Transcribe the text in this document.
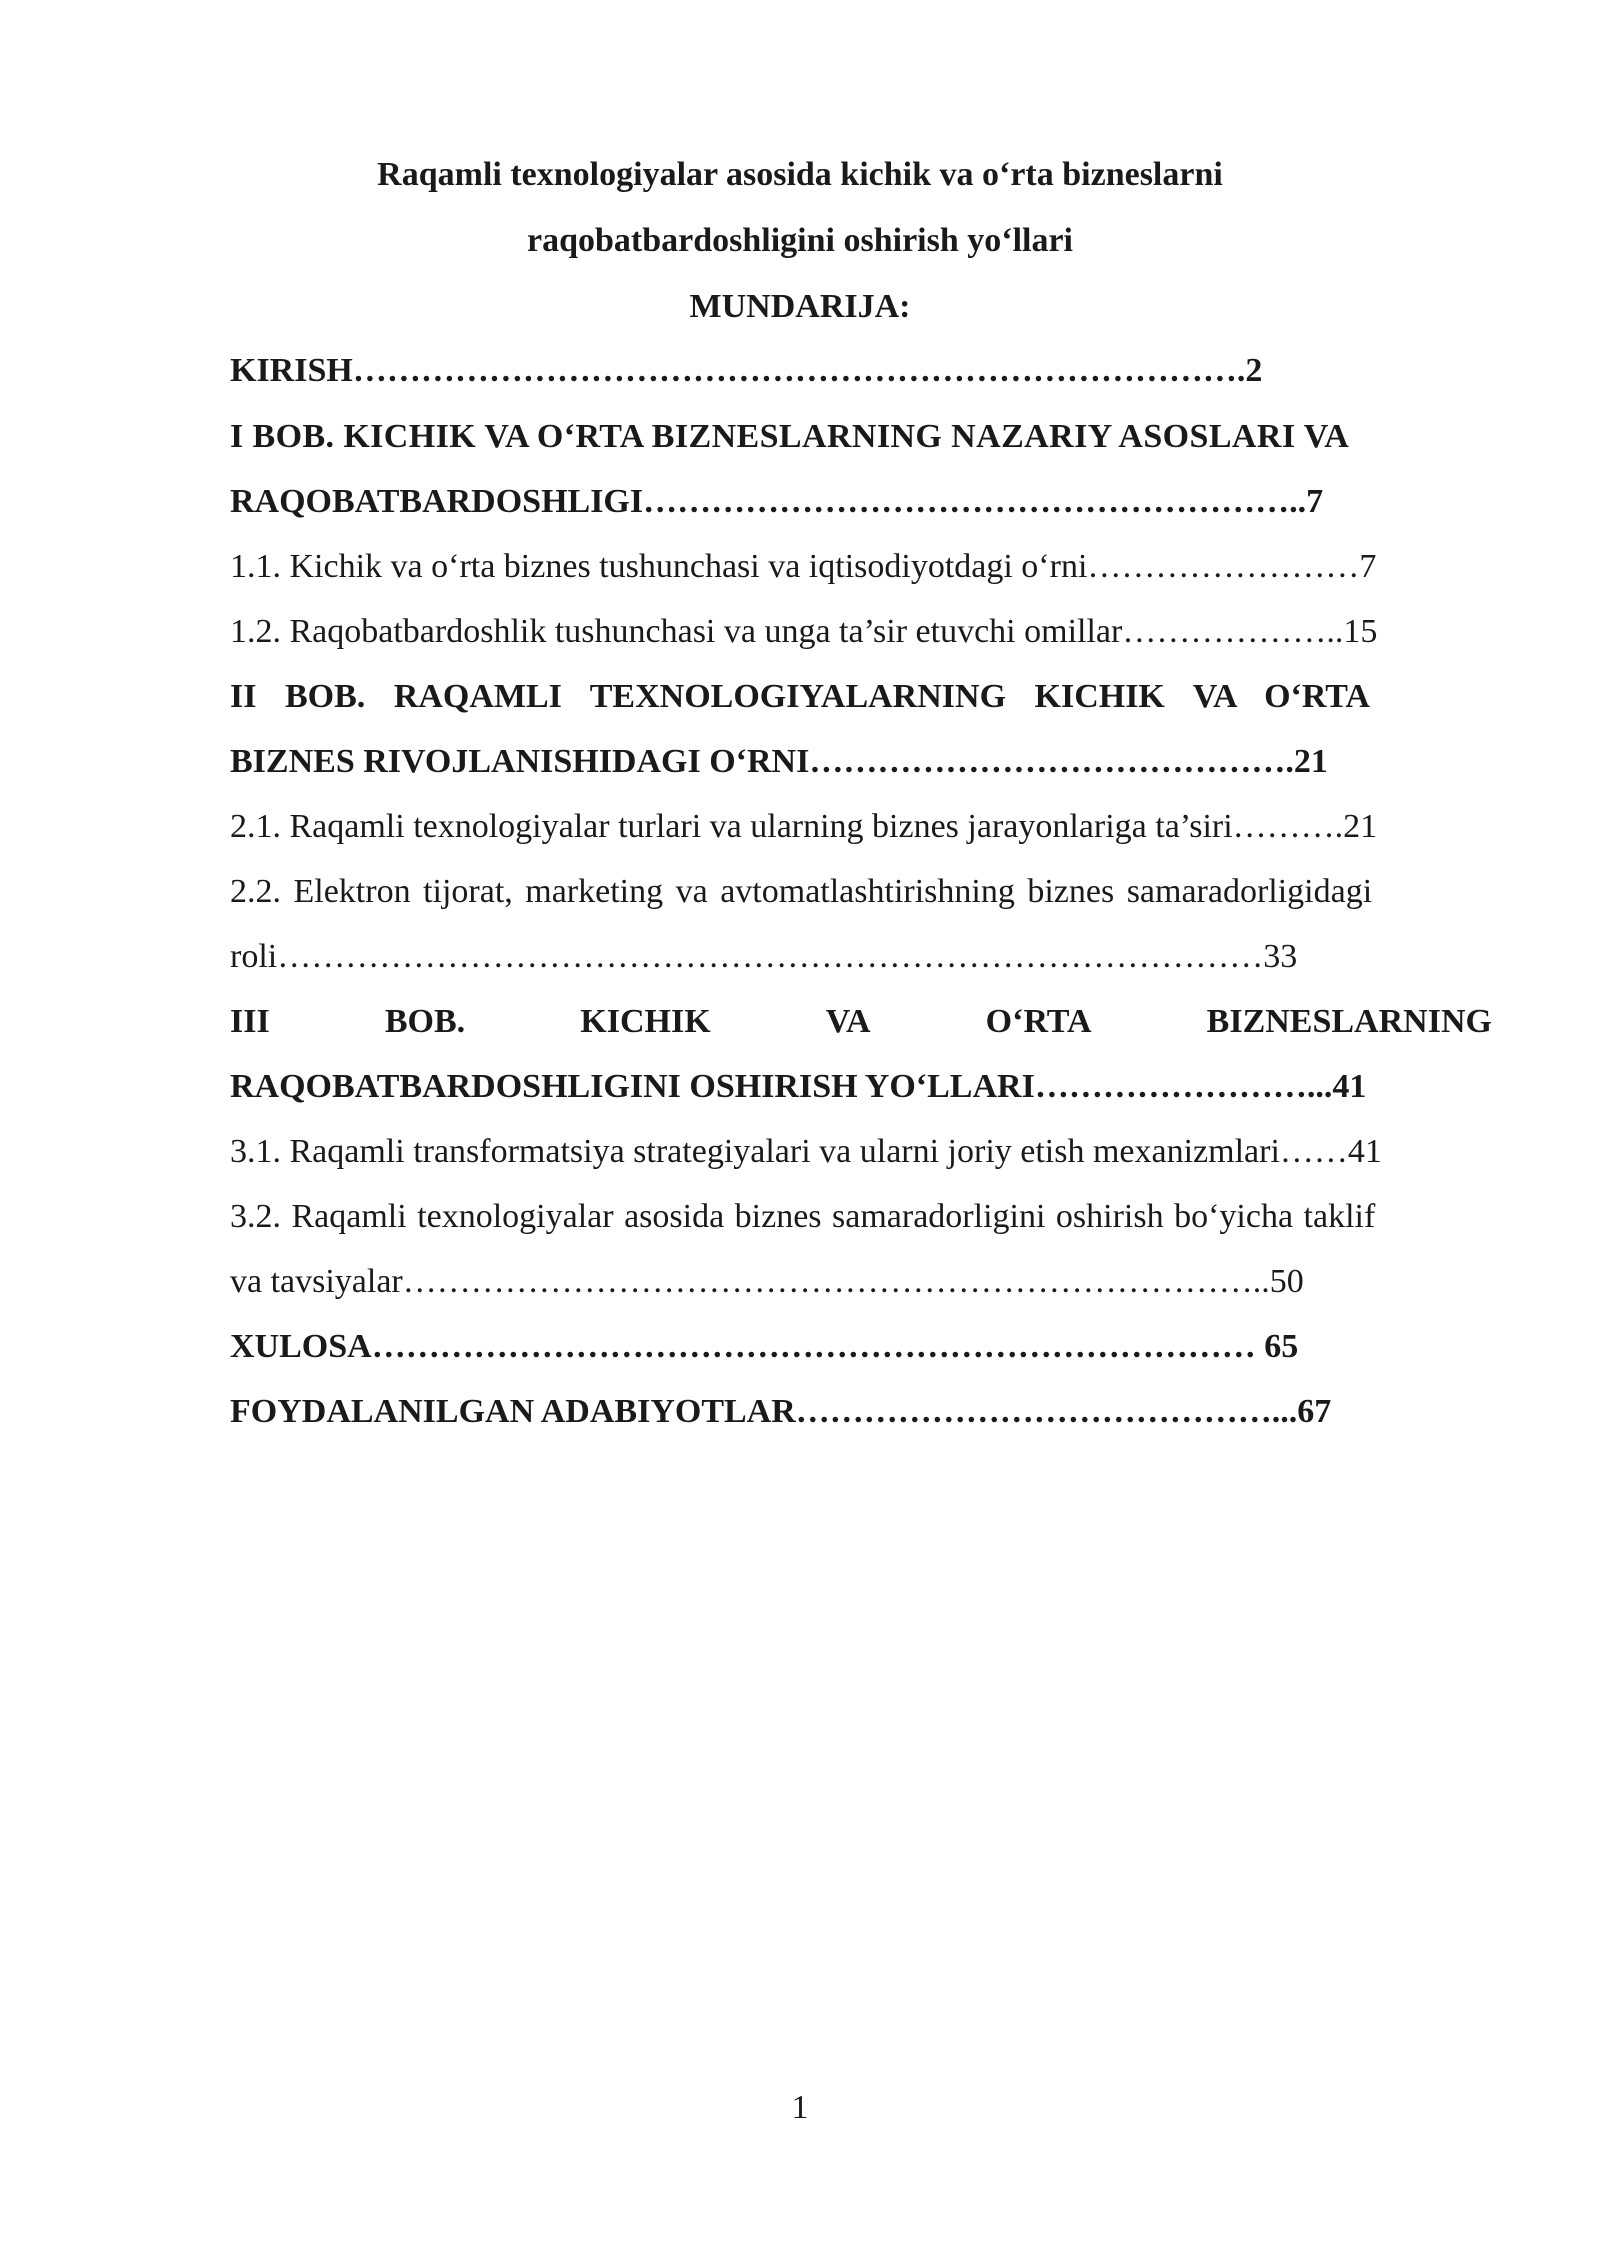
Raqamli texnologiyalar asosida kichik va o‘rta bizneslarni
raqobatbardoshligini oshirish yo‘llari
MUNDARIJA:
KIRISH…………………………………………………………………….2
I BOB. KICHIK VA O‘RTA BIZNESLARNING NAZARIY ASOSLARI VA
RAQOBATBARDOSHLIGI…………………………………………………..7
1.1. Kichik va o‘rta biznes tushunchasi va iqtisodiyotdagi o‘rni……………………7
1.2. Raqobatbardoshlik tushunchasi va unga ta’sir etuvchi omillar………………..15
II BOB. RAQAMLI TEXNOLOGIYALARNING KICHIK VA O‘RTA
BIZNES RIVOJLANISHIDAGI O‘RNI…………………………………….21
2.1. Raqamli texnologiyalar turlari va ularning biznes jarayonlariga ta’siri……….21
2.2. Elektron tijorat, marketing va avtomatlashtirishning biznes samaradorligidagi
roli……………………………………………………………………………33
III	BOB.	KICHIK	VA	O‘RTA	BIZNESLARNING
RAQOBATBARDOSHLIGINI OSHIRISH YO‘LLARI……………………...41
3.1. Raqamli transformatsiya strategiyalari va ularni joriy etish mexanizmlari……41
3.2. Raqamli texnologiyalar asosida biznes samaradorligini oshirish bo‘yicha taklif
va tavsiyalar…………………………………………………………………..50
XULOSA…………………………………………………………………… 65
FOYDALANILGAN ADABIYOTLAR……………………………………...67
1
